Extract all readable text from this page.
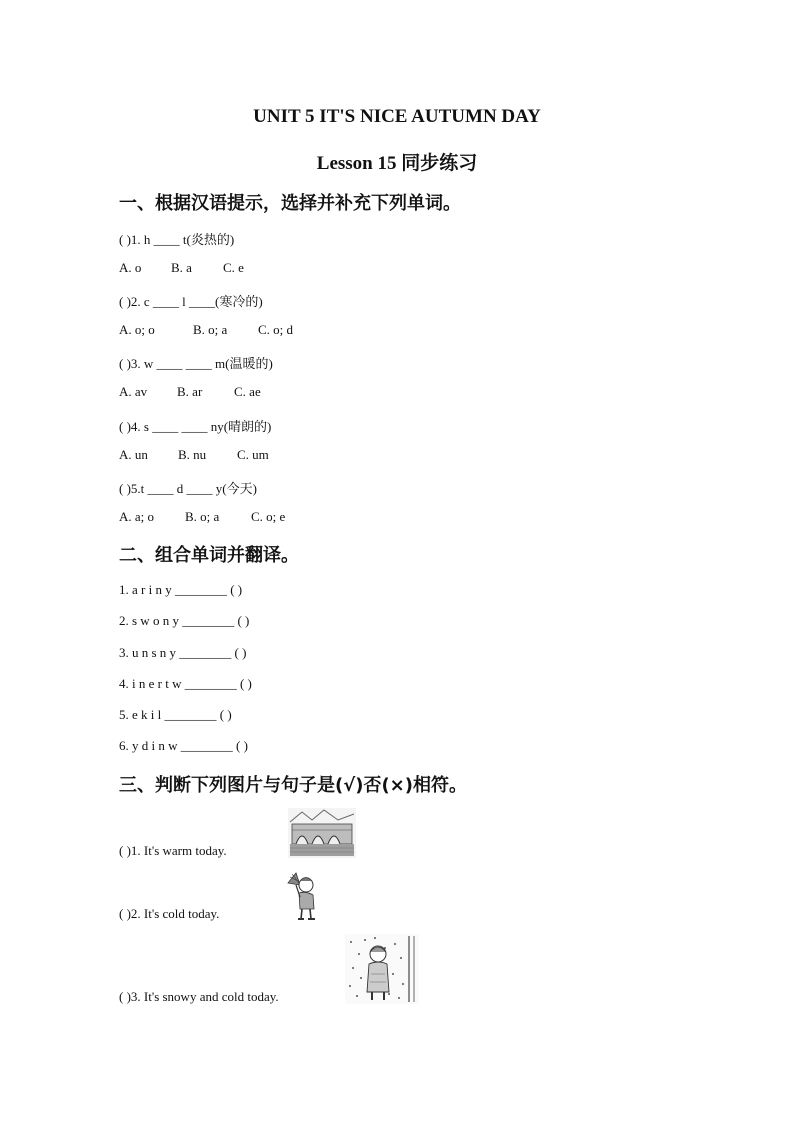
UNIT 5 IT'S NICE AUTUMN DAY
Lesson 15 同步练习
一、根据汉语提示，选择并补充下列单词。
( )1. h ____ t(炎热的)
A. o B. a C. e
( )2. c ____ l ____(寒冷的)
A. o; o	B. o; a C. o; d
( )3. w ____ ____ m(温暖的)
A. av B. ar C. ae
( )4. s ____ ____ ny(晴朗的)
A. un B. nu C. um
( )5.t ____ d ____ y(今天)
A. a; o B. o; a C. o; e
二、组合单词并翻译。
1. a r i n y ________ ( )
2. s w o n y ________ ( )
3. u n s n y ________ ( )
4. i n e r t w ________ ( )
5. e k i l ________ ( )
6. y d i n w ________ ( )
三、判断下列图片与句子是(√)否(×)相符。
( )1. It's warm today.
( )2. It's cold today.
( )3. It's snowy and cold today.
